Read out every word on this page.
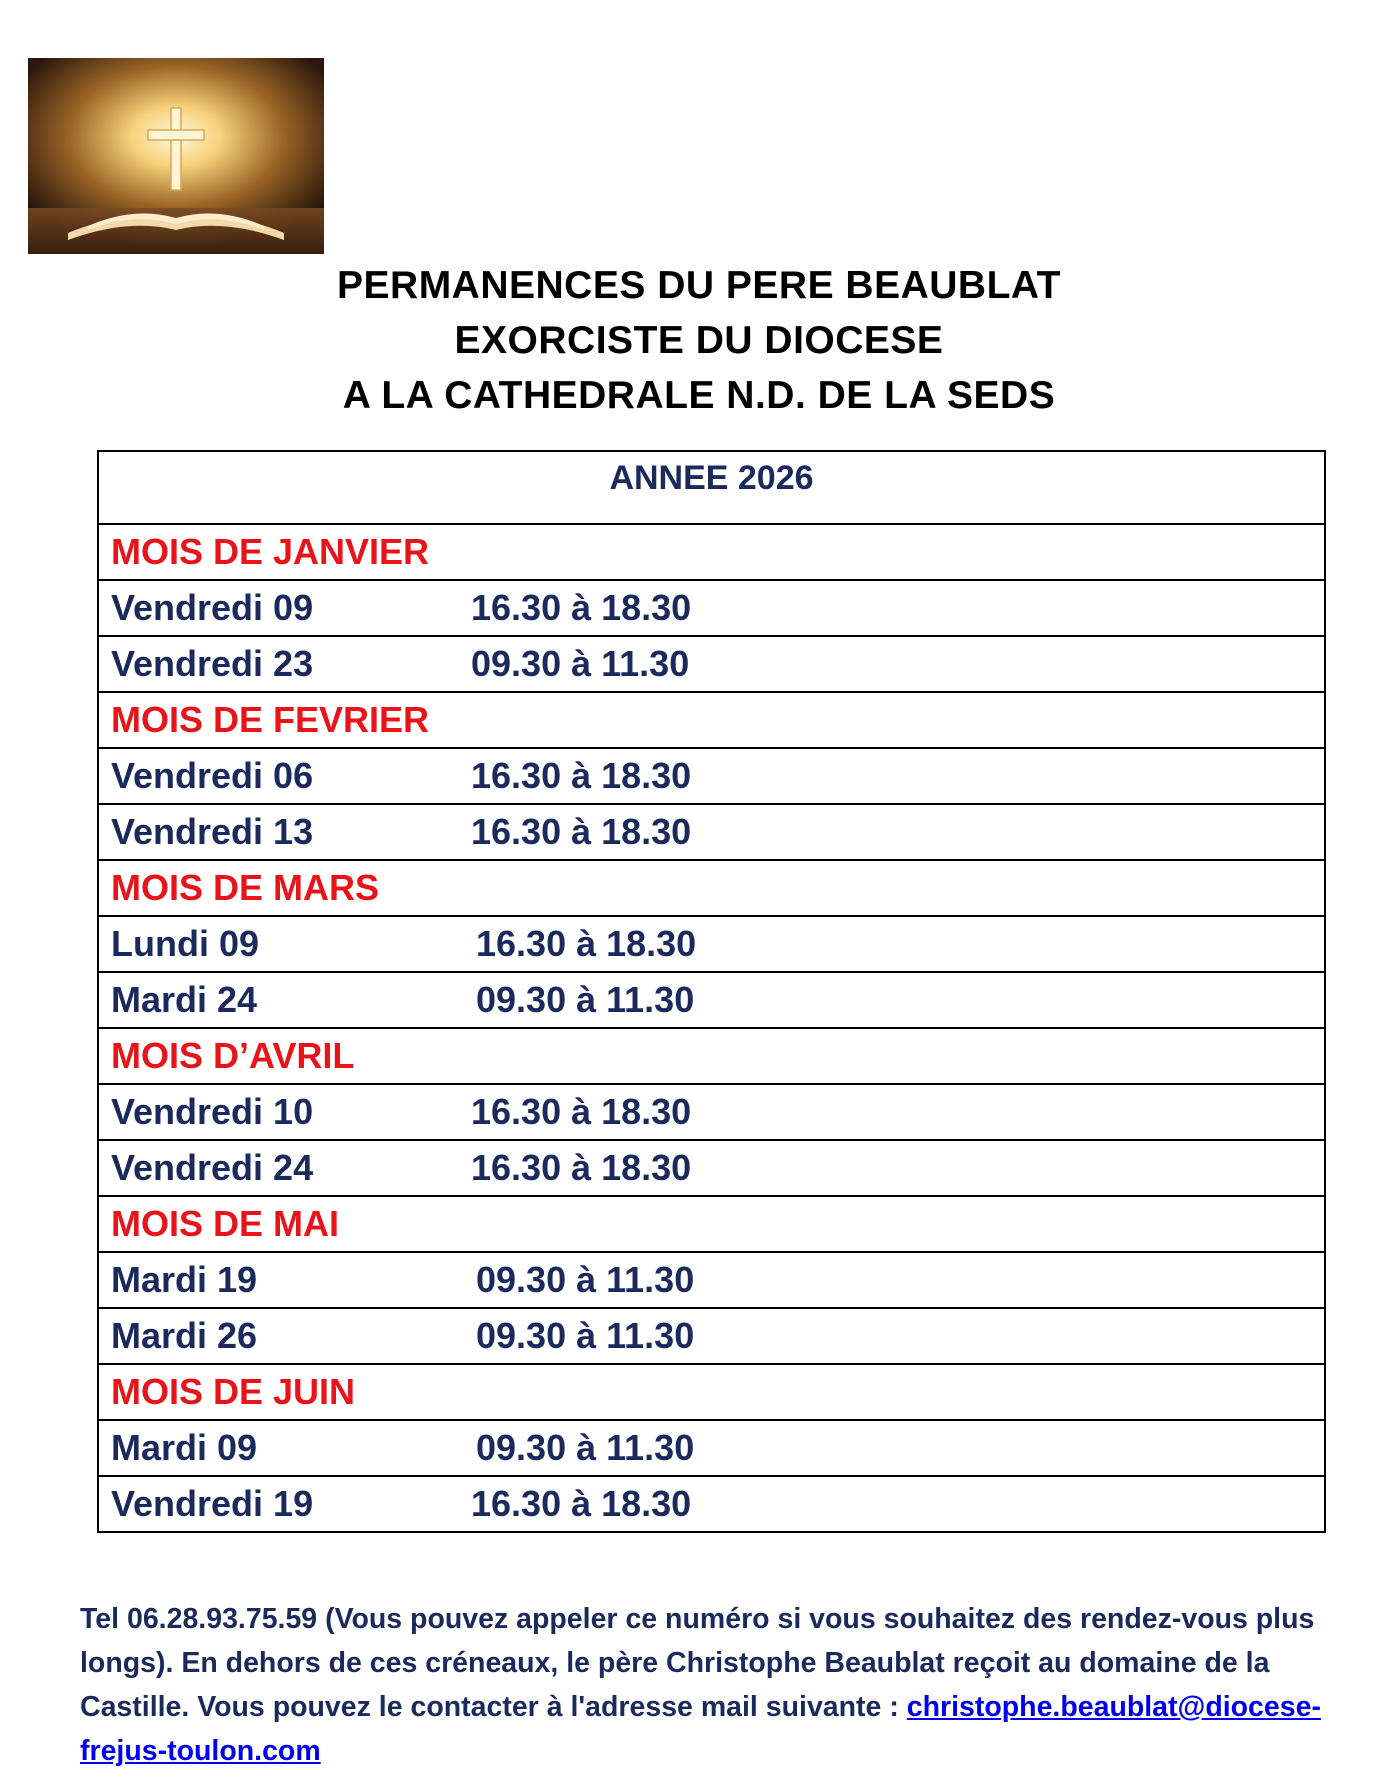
PERMANENCES DU PERE BEAUBLAT
EXORCISTE DU DIOCESE
A LA CATHEDRALE N.D. DE LA SEDS
ANNEE 2026
MOIS DE JANVIER
Vendredi 09	16.30 à 18.30
Vendredi 23	09.30 à 11.30
MOIS DE FEVRIER
Vendredi 06	16.30 à 18.30
Vendredi 13	16.30 à 18.30
MOIS DE MARS
Lundi 09	16.30 à 18.30
Mardi 24	09.30 à 11.30
MOIS D’AVRIL
Vendredi 10	16.30 à 18.30
Vendredi 24	16.30 à 18.30
MOIS DE MAI
Mardi 19	09.30 à 11.30
Mardi 26	09.30 à 11.30
MOIS DE JUIN
Mardi 09	09.30 à 11.30
Vendredi 19	16.30 à 18.30
Tel 06.28.93.75.59 (Vous pouvez appeler ce numéro si vous souhaitez des rendez-vous plus longs). En dehors de ces créneaux, le père Christophe Beaublat reçoit au domaine de la Castille. Vous pouvez le contacter à l'adresse mail suivante : christophe.beaublat@diocese-frejus-toulon.com
